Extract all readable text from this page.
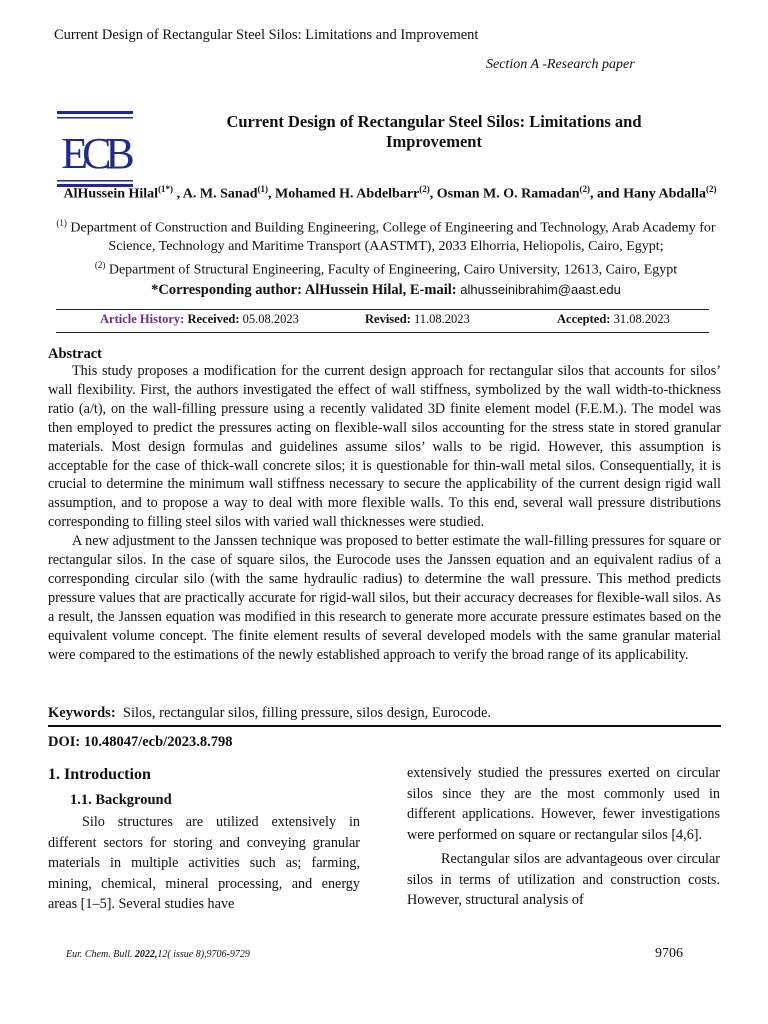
Current Design of Rectangular Steel Silos: Limitations and Improvement
Section A -Research paper
ECB
Current Design of Rectangular Steel Silos: Limitations and Improvement
AlHussein Hilal$^{(1*)}$ , A. M. Sanad$^{(1)}$, Mohamed H. Abdelbarr$^{(2)}$, Osman M. O. Ramadan$^{(2)}$, and Hany Abdalla$^{(2)}$
$^{(1)}$ Department of Construction and Building Engineering, College of Engineering and Technology, Arab Academy for Science, Technology and Maritime Transport (AASTMT), 2033 Elhorria, Heliopolis, Cairo, Egypt;
$^{(2)}$ Department of Structural Engineering, Faculty of Engineering, Cairo University, 12613, Cairo, Egypt
*Corresponding author: AlHussein Hilal, E-mail: alhusseinibrahim@aast.edu
Article History: Received: 05.08.2023	Revised: 11.08.2023	Accepted: 31.08.2023
Abstract

This study proposes a modification for the current design approach for rectangular silos that accounts for silos’ wall flexibility. First, the authors investigated the effect of wall stiffness, symbolized by the wall width-to-thickness ratio (a/t), on the wall-filling pressure using a recently validated 3D finite element model (F.E.M.). The model was then employed to predict the pressures acting on flexible-wall silos accounting for the stress state in stored granular materials. Most design formulas and guidelines assume silos’ walls to be rigid. However, this assumption is acceptable for the case of thick-wall concrete silos; it is questionable for thin-wall metal silos. Consequentially, it is crucial to determine the minimum wall stiffness necessary to secure the applicability of the current design rigid wall assumption, and to propose a way to deal with more flexible walls. To this end, several wall pressure distributions corresponding to filling steel silos with varied wall thicknesses were studied.

A new adjustment to the Janssen technique was proposed to better estimate the wall-filling pressures for square or rectangular silos. In the case of square silos, the Eurocode uses the Janssen equation and an equivalent radius of a corresponding circular silo (with the same hydraulic radius) to determine the wall pressure. This method predicts pressure values that are practically accurate for rigid-wall silos, but their accuracy decreases for flexible-wall silos. As a result, the Janssen equation was modified in this research to generate more accurate pressure estimates based on the equivalent volume concept. The finite element results of several developed models with the same granular material were compared to the estimations of the newly established approach to verify the broad range of its applicability.

Keywords: Silos, rectangular silos, filling pressure, silos design, Eurocode.
DOI: 10.48047/ecb/2023.8.798
1. Introduction
1.1. Background

Silo structures are utilized extensively in different sectors for storing and conveying granular materials in multiple activities such as; farming, mining, chemical, mineral processing, and energy areas [1–5]. Several studies have

extensively studied the pressures exerted on circular silos since they are the most commonly used in different applications. However, fewer investigations were performed on square or rectangular silos [4,6].

Rectangular silos are advantageous over circular silos in terms of utilization and construction costs. However, structural analysis of

Eur. Chem. Bull. 2022,12( issue 8),9706-9729	9706
